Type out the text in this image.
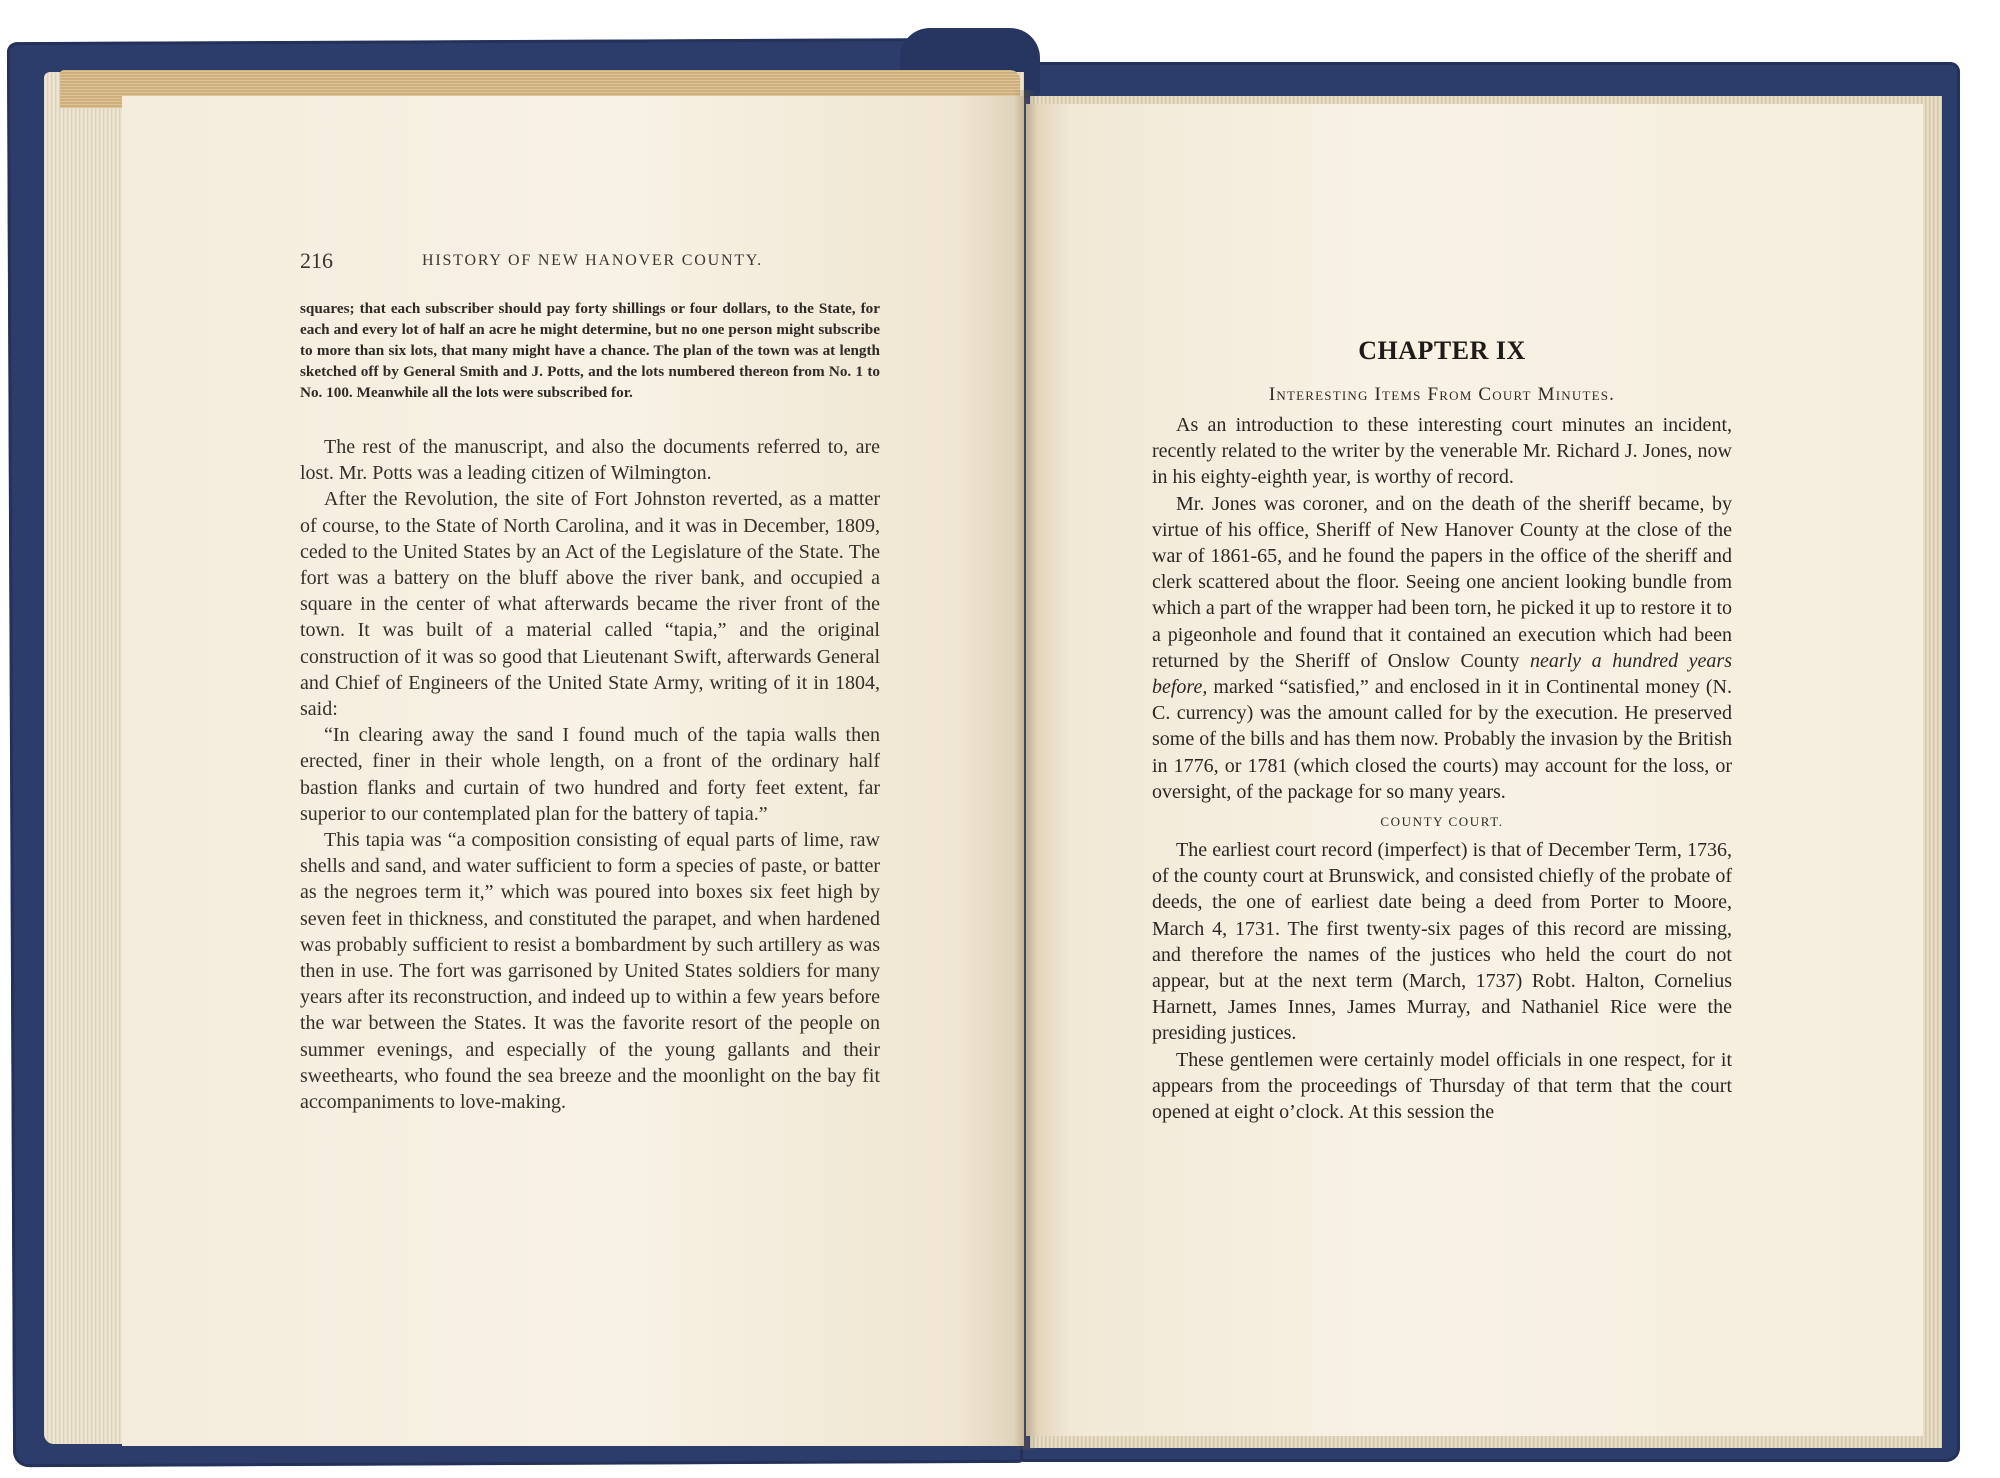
216	HISTORY OF NEW HANOVER COUNTY.

squares; that each subscriber should pay forty shillings or four dollars, to the State, for each and every lot of half an acre he might determine, but no one person might subscribe to more than six lots, that many might have a chance. The plan of the town was at length sketched off by General Smith and J. Potts, and the lots numbered thereon from No. 1 to No. 100. Meanwhile all the lots were subscribed for.

The rest of the manuscript, and also the documents referred to, are lost. Mr. Potts was a leading citizen of Wilmington.

After the Revolution, the site of Fort Johnston reverted, as a matter of course, to the State of North Carolina, and it was in December, 1809, ceded to the United States by an Act of the Legislature of the State. The fort was a battery on the bluff above the river bank, and occupied a square in the center of what afterwards became the river front of the town. It was built of a material called “tapia,” and the original construction of it was so good that Lieutenant Swift, afterwards General and Chief of Engineers of the United State Army, writing of it in 1804, said:

“In clearing away the sand I found much of the tapia walls then erected, finer in their whole length, on a front of the ordinary half bastion flanks and curtain of two hundred and forty feet extent, far superior to our contemplated plan for the battery of tapia.”

This tapia was “a composition consisting of equal parts of lime, raw shells and sand, and water sufficient to form a species of paste, or batter as the negroes term it,” which was poured into boxes six feet high by seven feet in thickness, and constituted the parapet, and when hardened was probably sufficient to resist a bombardment by such artillery as was then in use. The fort was garrisoned by United States soldiers for many years after its reconstruction, and indeed up to within a few years before the war between the States. It was the favorite resort of the people on summer evenings, and especially of the young gallants and their sweethearts, who found the sea breeze and the moonlight on the bay fit accompaniments to love-making.

CHAPTER IX
Interesting Items From Court Minutes.

As an introduction to these interesting court minutes an incident, recently related to the writer by the venerable Mr. Richard J. Jones, now in his eighty-eighth year, is worthy of record.

Mr. Jones was coroner, and on the death of the sheriff became, by virtue of his office, Sheriff of New Hanover County at the close of the war of 1861-65, and he found the papers in the office of the sheriff and clerk scattered about the floor. Seeing one ancient looking bundle from which a part of the wrapper had been torn, he picked it up to restore it to a pigeonhole and found that it contained an execution which had been returned by the Sheriff of Onslow County nearly a hundred years before, marked “satisfied,” and enclosed in it in Continental money (N. C. currency) was the amount called for by the execution. He preserved some of the bills and has them now. Probably the invasion by the British in 1776, or 1781 (which closed the courts) may account for the loss, or oversight, of the package for so many years.

COUNTY COURT.

The earliest court record (imperfect) is that of December Term, 1736, of the county court at Brunswick, and consisted chiefly of the probate of deeds, the one of earliest date being a deed from Porter to Moore, March 4, 1731. The first twenty-six pages of this record are missing, and therefore the names of the justices who held the court do not appear, but at the next term (March, 1737) Robt. Halton, Cornelius Harnett, James Innes, James Murray, and Nathaniel Rice were the presiding justices.

These gentlemen were certainly model officials in one respect, for it appears from the proceedings of Thursday of that term that the court opened at eight o’clock. At this session the
